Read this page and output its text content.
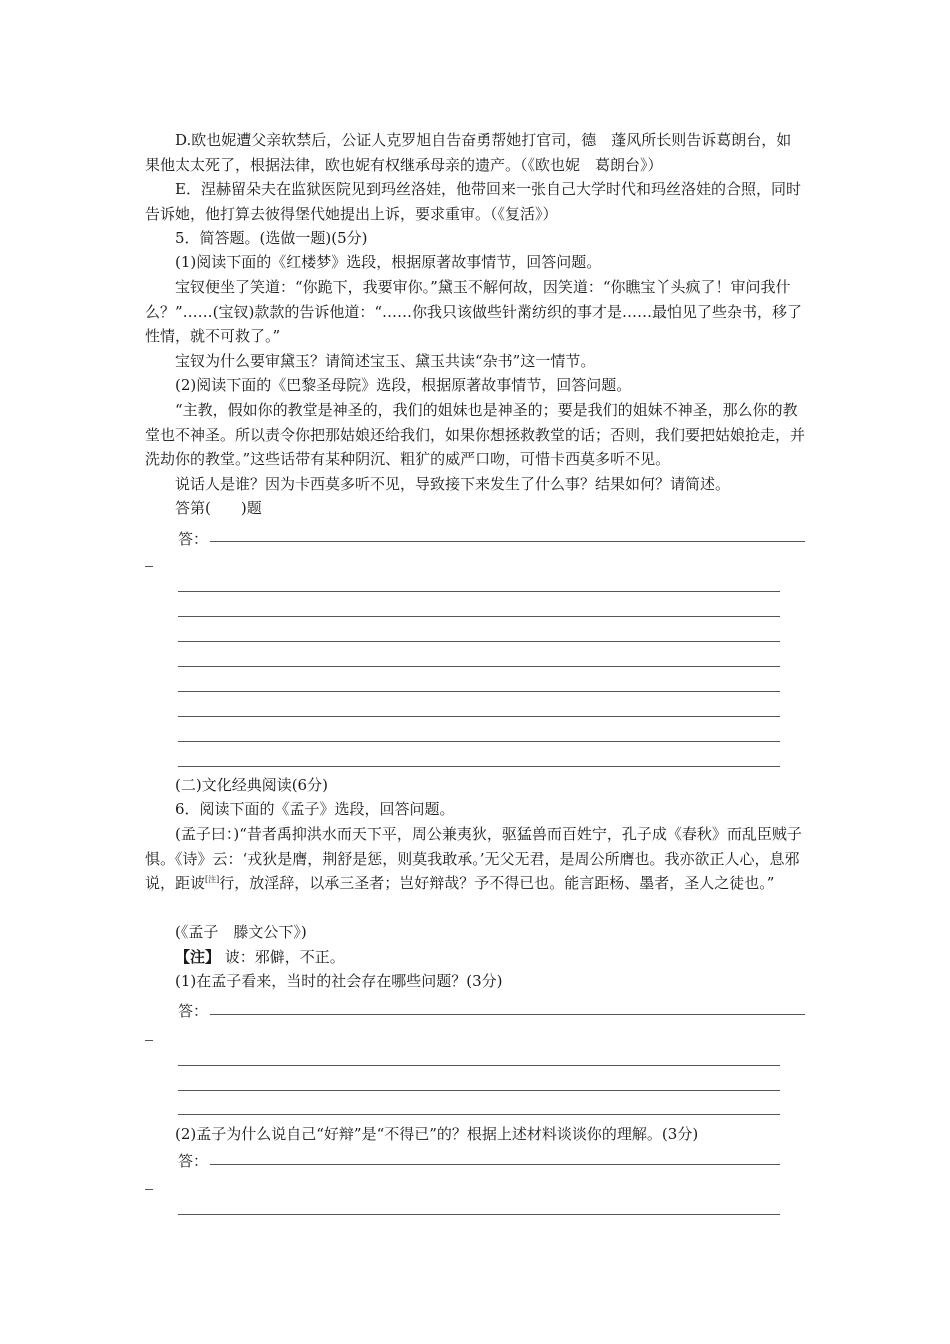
D.欧也妮遭父亲软禁后，公证人克罗旭自告奋勇帮她打官司，德　蓬风所长则告诉葛朗台，如果他太太死了，根据法律，欧也妮有权继承母亲的遗产。（《欧也妮　葛朗台》）

E．涅赫留朵夫在监狱医院见到玛丝洛娃，他带回来一张自己大学时代和玛丝洛娃的合照，同时告诉她，他打算去彼得堡代她提出上诉，要求重审。（《复活》）

5．简答题。(选做一题)(5分)

(1)阅读下面的《红楼梦》选段，根据原著故事情节，回答问题。

宝钗便坐了笑道：“你跪下，我要审你。”黛玉不解何故，因笑道：“你瞧宝丫头疯了！审问我什么？”……(宝钗)款款的告诉他道：“……你我只该做些针黹纺织的事才是……最怕见了些杂书，移了性情，就不可救了。”

宝钗为什么要审黛玉？请简述宝玉、黛玉共读“杂书”这一情节。

(2)阅读下面的《巴黎圣母院》选段，根据原著故事情节，回答问题。

“主教，假如你的教堂是神圣的，我们的姐妹也是神圣的；要是我们的姐妹不神圣，那么你的教堂也不神圣。所以责令你把那姑娘还给我们，如果你想拯救教堂的话；否则，我们要把姑娘抢走，并洗劫你的教堂。”这些话带有某种阴沉、粗犷的威严口吻，可惜卡西莫多听不见。

说话人是谁？因为卡西莫多听不见，导致接下来发生了什么事？结果如何？请简述。

答第(　　)题

答：

(二)文化经典阅读(6分)

6．阅读下面的《孟子》选段，回答问题。

(孟子曰：)“昔者禹抑洪水而天下平，周公兼夷狄，驱猛兽而百姓宁，孔子成《春秋》而乱臣贼子惧。《诗》云：‘戎狄是膺，荆舒是惩，则莫我敢承。’无父无君，是周公所膺也。我亦欲正人心，息邪说，距诐[注]行，放淫辞，以承三圣者；岂好辩哉？予不得已也。能言距杨、墨者，圣人之徒也。”

(《孟子　滕文公下》)

【注】 诐：邪僻，不正。

(1)在孟子看来，当时的社会存在哪些问题？(3分)

答：

(2)孟子为什么说自己“好辩”是“不得已”的？根据上述材料谈谈你的理解。(3分)

答：
